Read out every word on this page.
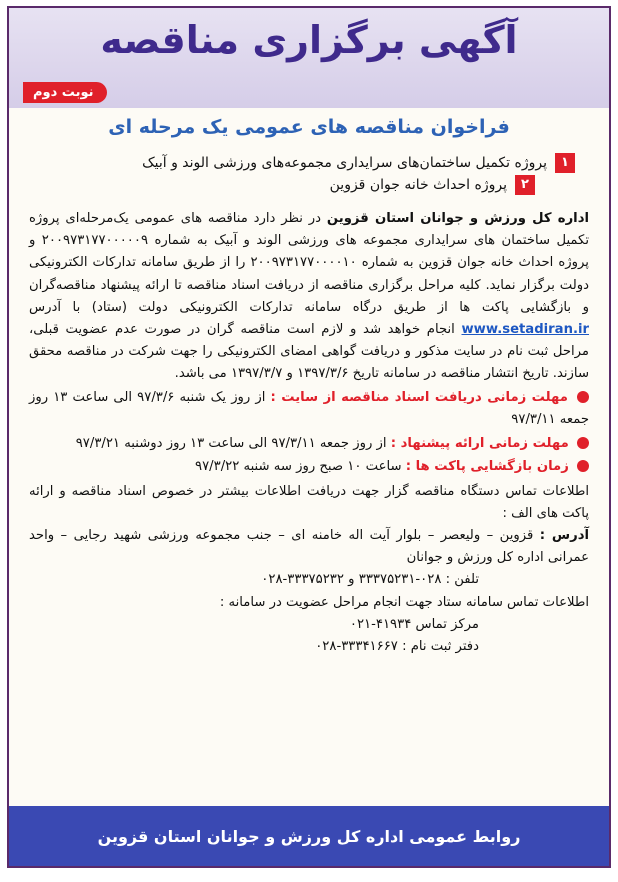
آگهی برگزاری مناقصه
نوبت دوم
فراخوان مناقصه های عمومی یک مرحله ای
۱
پروژه تکمیل ساختمان‌های سرایداری مجموعه‌های ورزشی الوند و آبیک
۲
پروژه احداث خانه جوان قزوین
اداره کل ورزش و جوانان استان قزوین در نظر دارد مناقصه های عمومی یک‌مرحله‌ای پروژه تکمیل ساختمان های سرایداری مجموعه های ورزشی الوند و آبیک به شماره ۲۰۰۹۷۳۱۷۷۰۰۰۰۰۹ و پروژه احداث خانه جوان قزوین به شماره ۲۰۰۹۷۳۱۷۷۰۰۰۰۱۰ را از طریق سامانه تدارکات الکترونیکی دولت برگزار نماید. کلیه مراحل برگزاری مناقصه از دریافت اسناد مناقصه تا ارائه پیشنهاد مناقصه‌گران و بازگشایی پاکت ها از طریق درگاه سامانه تدارکات الکترونیکی دولت (ستاد) با آدرس www.setadiran.ir انجام خواهد شد و لازم است مناقصه گران در صورت عدم عضویت قبلی، مراحل ثبت نام در سایت مذکور و دریافت گواهی امضای الکترونیکی را جهت شرکت در مناقصه محقق سازند. تاریخ انتشار مناقصه در سامانه تاریخ ۱۳۹۷/۳/۶ و ۱۳۹۷/۳/۷ می باشد.
مهلت زمانی دریافت اسناد مناقصه از سایت : از روز یک شنبه ۹۷/۳/۶ الی ساعت ۱۳ روز جمعه ۹۷/۳/۱۱
مهلت زمانی ارائه پیشنهاد : از روز جمعه ۹۷/۳/۱۱ الی ساعت ۱۳ روز دوشنبه ۹۷/۳/۲۱
زمان بازگشایی پاکت ها : ساعت ۱۰ صبح روز سه شنبه ۹۷/۳/۲۲
اطلاعات تماس دستگاه مناقصه گزار جهت دریافت اطلاعات بیشتر در خصوص اسناد مناقصه و ارائه پاکت های الف :
آدرس : قزوین – ولیعصر – بلوار آیت اله خامنه ای – جنب مجموعه ورزشی شهید رجایی – واحد عمرانی اداره کل ورزش و جوانان
تلفن : ۰۲۸-۳۳۳۷۵۲۳۱ و ۳۳۳۷۵۲۳۲-۰۲۸
اطلاعات تماس سامانه ستاد جهت انجام مراحل عضویت در سامانه :
مرکز تماس ۴۱۹۳۴-۰۲۱
دفتر ثبت نام : ۳۳۳۴۱۶۶۷-۰۲۸
روابط عمومی اداره کل ورزش و جوانان استان قزوین
